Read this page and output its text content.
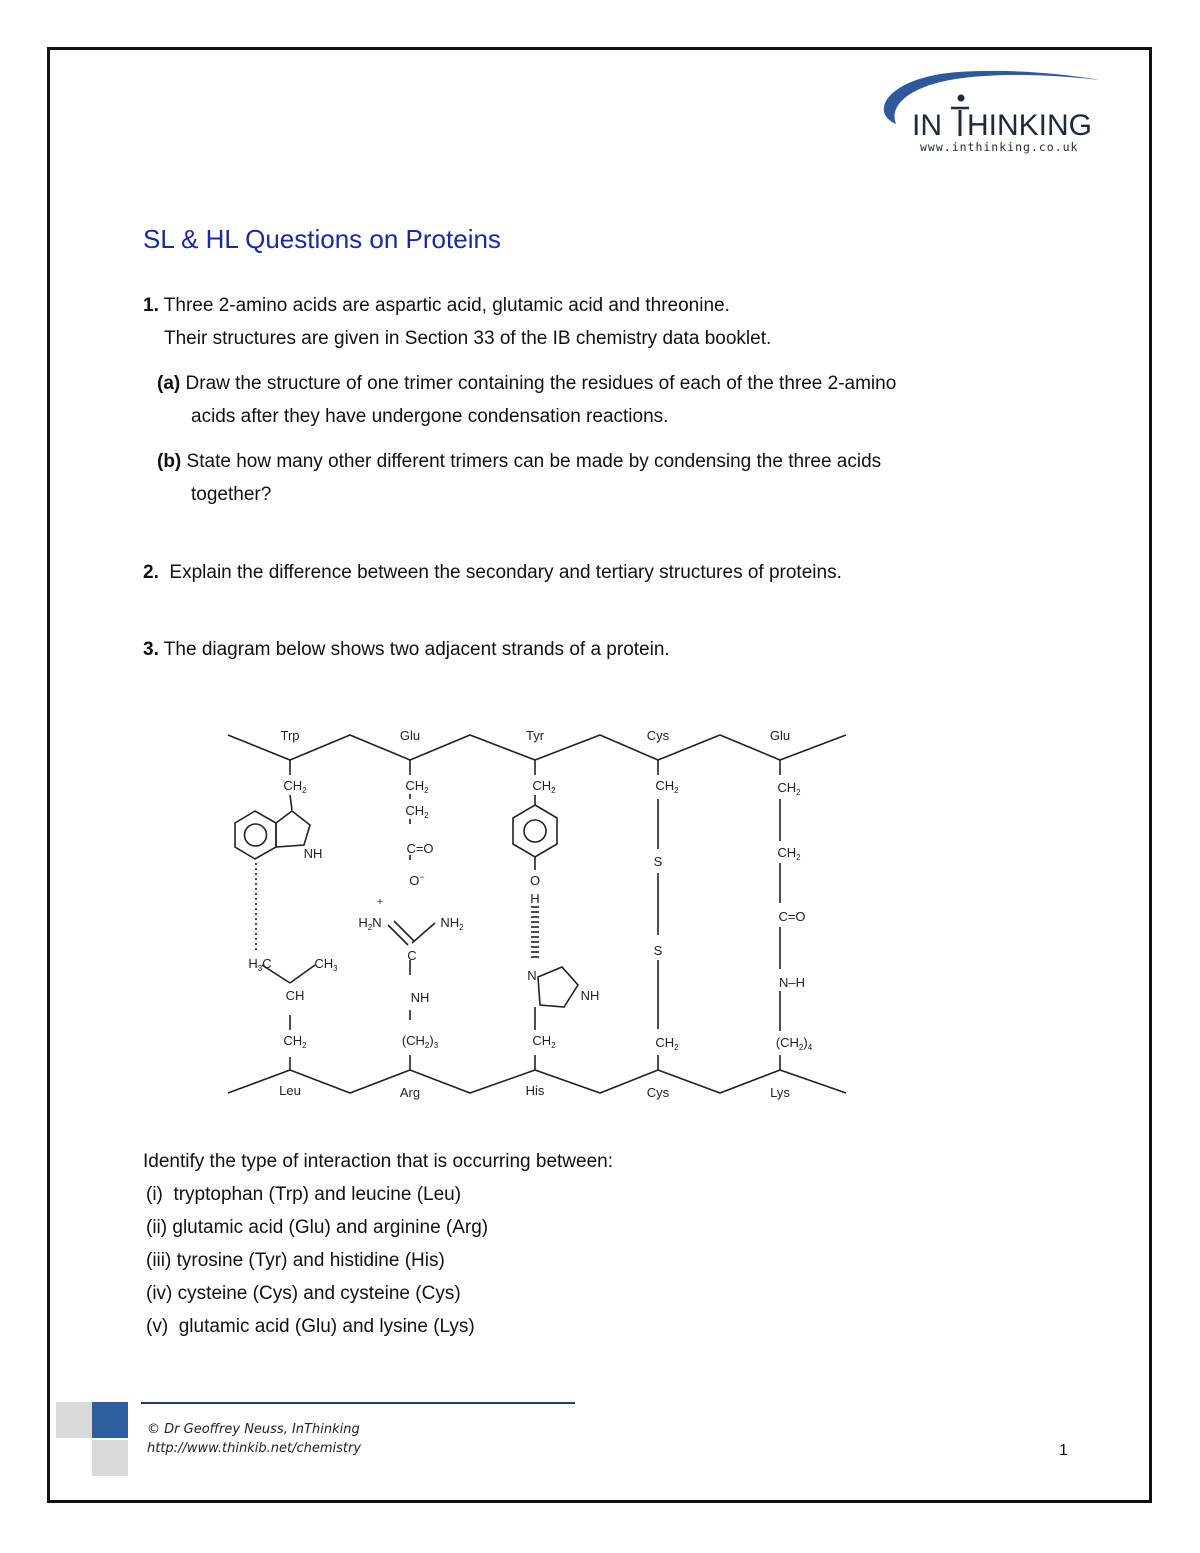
IN HINKING
www.inthinking.co.uk
SL & HL Questions on Proteins
1. Three 2-amino acids are aspartic acid, glutamic acid and threonine.
Their structures are given in Section 33 of the IB chemistry data booklet.
(a) Draw the structure of one trimer containing the residues of each of the three 2-amino
acids after they have undergone condensation reactions.
(b) State how many other different trimers can be made by condensing the three acids
together?
2. Explain the difference between the secondary and tertiary structures of proteins.
3. The diagram below shows two adjacent strands of a protein.
Trp	Glu	Tyr	Cys	Glu
Leu	Arg	His	Cys	Lys
$CH_2$
NH
$H_3C$	$CH_3$
CH
$CH_2$
$CH_2$
$CH_2$
C=O
O−
$H_2N$
+
$NH_2$
C
NH
$(CH_2)_3$
$CH_2$
O
H
N
NH
$CH_2$
$CH_2$
S
S
$CH_2$
$CH_2$
$CH_2$
C=O
N–H
$(CH_2)_4$
Identify the type of interaction that is occurring between:
(i) tryptophan (Trp) and leucine (Leu)
(ii) glutamic acid (Glu) and arginine (Arg)
(iii) tyrosine (Tyr) and histidine (His)
(iv) cysteine (Cys) and cysteine (Cys)
(v) glutamic acid (Glu) and lysine (Lys)
© Dr Geoffrey Neuss, InThinking
http://www.thinkib.net/chemistry	1
